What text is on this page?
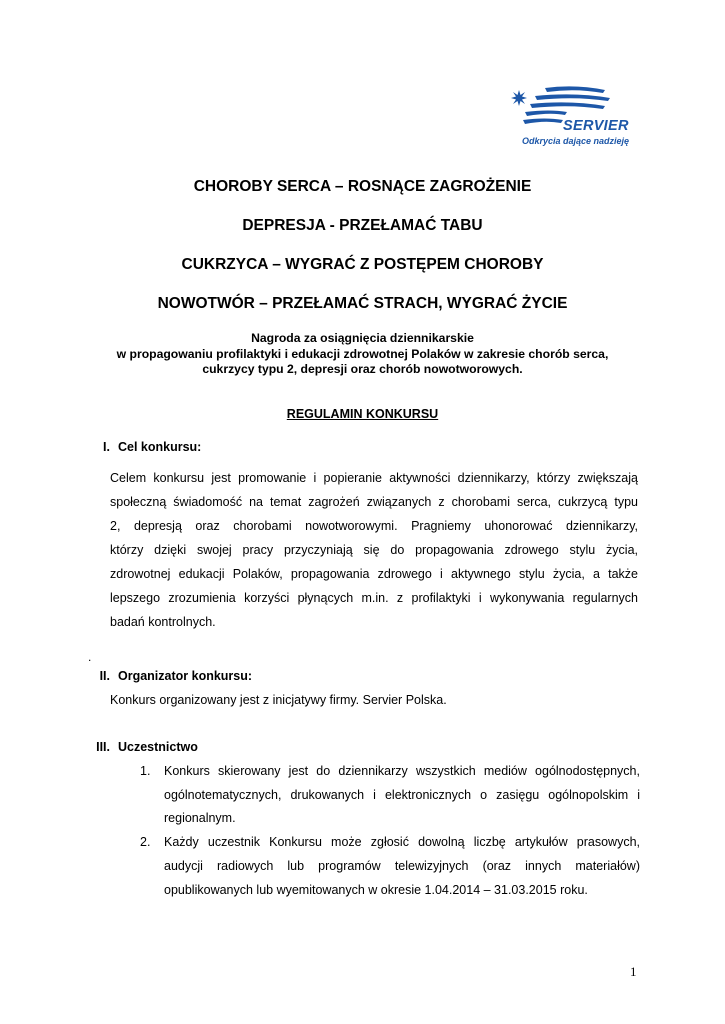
SERVIER
Odkrycia dające nadzieję
CHOROBY SERCA – ROSNĄCE ZAGROŻENIE
DEPRESJA - PRZEŁAMAĆ TABU
CUKRZYCA – WYGRAĆ Z POSTĘPEM CHOROBY
NOWOTWÓR – PRZEŁAMAĆ STRACH, WYGRAĆ ŻYCIE
Nagroda za osiągnięcia dziennikarskie
w propagowaniu profilaktyki i edukacji zdrowotnej Polaków w zakresie chorób serca,
cukrzycy typu 2, depresji oraz chorób nowotworowych.
REGULAMIN KONKURSU
I. Cel konkursu:
Celem konkursu jest promowanie i popieranie aktywności dziennikarzy, którzy zwiększają
społeczną świadomość na temat zagrożeń związanych z chorobami serca, cukrzycą typu
2, depresją oraz chorobami nowotworowymi. Pragniemy uhonorować dziennikarzy,
którzy dzięki swojej pracy przyczyniają się do propagowania zdrowego stylu życia,
zdrowotnej edukacji Polaków, propagowania zdrowego i aktywnego stylu życia, a także
lepszego zrozumienia korzyści płynących m.in. z profilaktyki i wykonywania regularnych
badań kontrolnych.
.
II. Organizator konkursu:
Konkurs organizowany jest z inicjatywy firmy. Servier Polska.
III. Uczestnictwo
1. Konkurs skierowany jest do dziennikarzy wszystkich mediów ogólnodostępnych,
ogólnotematycznych, drukowanych i elektronicznych o zasięgu ogólnopolskim i
regionalnym.
2. Każdy uczestnik Konkursu może zgłosić dowolną liczbę artykułów prasowych,
audycji radiowych lub programów telewizyjnych (oraz innych materiałów)
opublikowanych lub wyemitowanych w okresie 1.04.2014 – 31.03.2015 roku.
1
